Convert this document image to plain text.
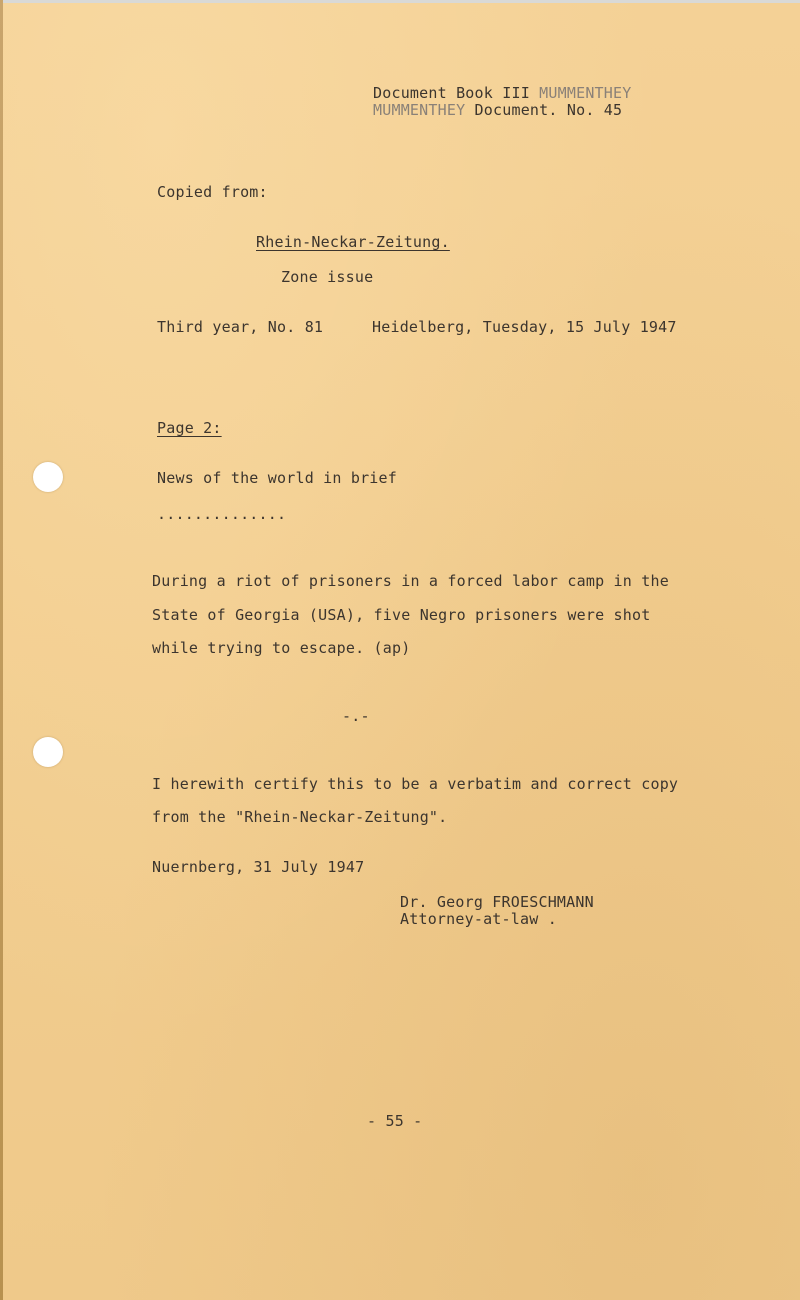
Document Book III MUMMENTHEY
MUMMENTHEY Document. No. 45
Copied from:
Rhein-Neckar-Zeitung.
Zone issue
Third year, No. 81	Heidelberg, Tuesday, 15 July 1947
Page 2:
News of the world in brief
..............
During a riot of prisoners in a forced labor camp in the
State of Georgia (USA), five Negro prisoners were shot
while trying to escape. (ap)
-.-
I herewith certify this to be a verbatim and correct copy
from the "Rhein-Neckar-Zeitung".
Nuernberg, 31 July 1947
Dr. Georg FROESCHMANN
Attorney-at-law .
- 55 -
